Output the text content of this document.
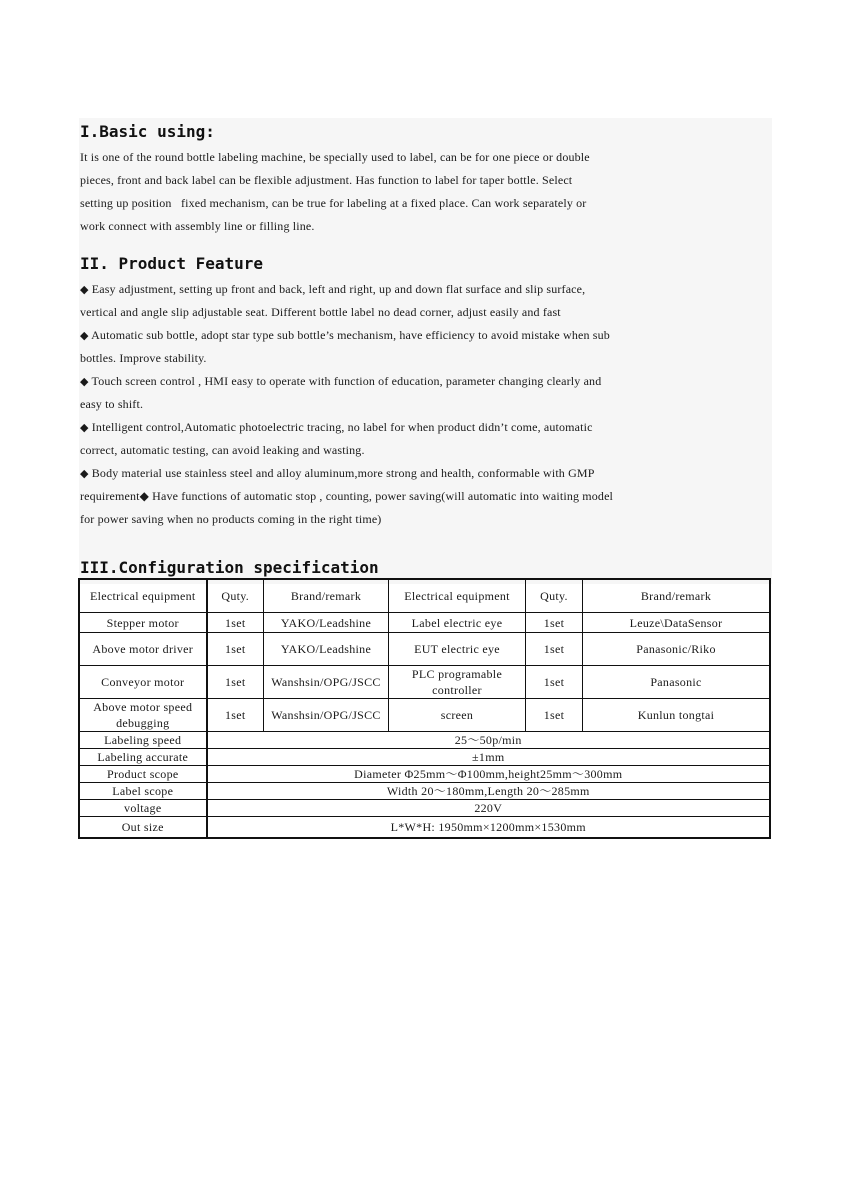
I.Basic using:

It is one of the round bottle labeling machine, be specially used to label, can be for one piece or double

pieces, front and back label can be flexible adjustment. Has function to label for taper bottle. Select

setting up position   fixed mechanism, can be true for labeling at a fixed place. Can work separately or

work connect with assembly line or filling line.

II. Product Feature
◆ Easy adjustment, setting up front and back, left and right, up and down flat surface and slip surface,
vertical and angle slip adjustable seat. Different bottle label no dead corner, adjust easily and fast
◆ Automatic sub bottle, adopt star type sub bottle’s mechanism, have efficiency to avoid mistake when sub
bottles. Improve stability.
◆ Touch screen control , HMI easy to operate with function of education, parameter changing clearly and
easy to shift.
◆ Intelligent control,Automatic photoelectric tracing, no label for when product didn’t come, automatic
correct, automatic testing, can avoid leaking and wasting.
◆ Body material use stainless steel and alloy aluminum,more strong and health, conformable with GMP
requirement◆ Have functions of automatic stop , counting, power saving(will automatic into waiting model
for power saving when no products coming in the right time)
III.Configuration specification
Electrical equipment	Quty.	Brand/remark	Electrical equipment	Quty.	Brand/remark
Stepper motor	1set	YAKO/Leadshine	Label electric eye	1set	Leuze\DataSensor
Above motor driver	1set	YAKO/Leadshine	EUT electric eye	1set	Panasonic/Riko
Conveyor motor	1set	Wanshsin/OPG/JSCC	PLC programable controller	1set	Panasonic
Above motor speed debugging	1set	Wanshsin/OPG/JSCC	screen	1set	Kunlun tongtai
Labeling speed	25～50p/min				
Labeling accurate	±1mm				
Product scope	Diameter Φ25mm～Φ100mm,height25mm～300mm				
Label scope	Width 20～180mm,Length 20～285mm				
voltage	220V				
Out size	L*W*H: 1950mm×1200mm×1530mm				
